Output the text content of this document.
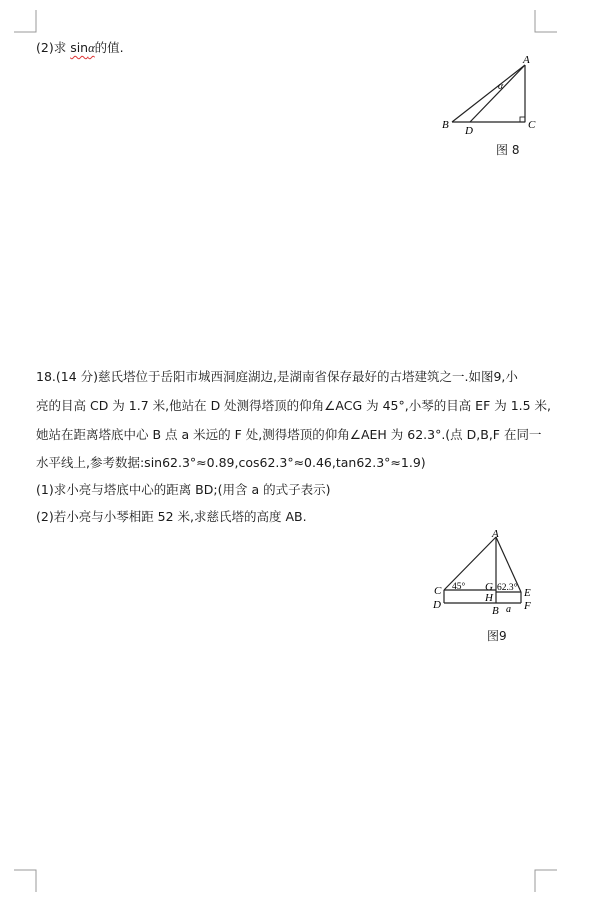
(2)求 sinα的值.
A
B	C
D
α
图 8
18.(14 分)慈氏塔位于岳阳市城西洞庭湖边,是湖南省保存最好的古塔建筑之一.如图9,小
亮的目高 CD 为 1.7 米,他站在 D 处测得塔顶的仰角∠ACG 为 45°,小琴的目高 EF 为 1.5 米,
她站在距离塔底中心 B 点 a 米远的 F 处,测得塔顶的仰角∠AEH 为 62.3°.(点 D,B,F 在同一
水平线上,参考数据:sin62.3°≈0.89,cos62.3°≈0.46,tan62.3°≈1.9)
(1)求小亮与塔底中心的距离 BD;(用含 a 的式子表示)
(2)若小亮与小琴相距 52 米,求慈氏塔的高度 AB.
A
C
D
G
H
B
E
F
a
45°	62.3°
图9
